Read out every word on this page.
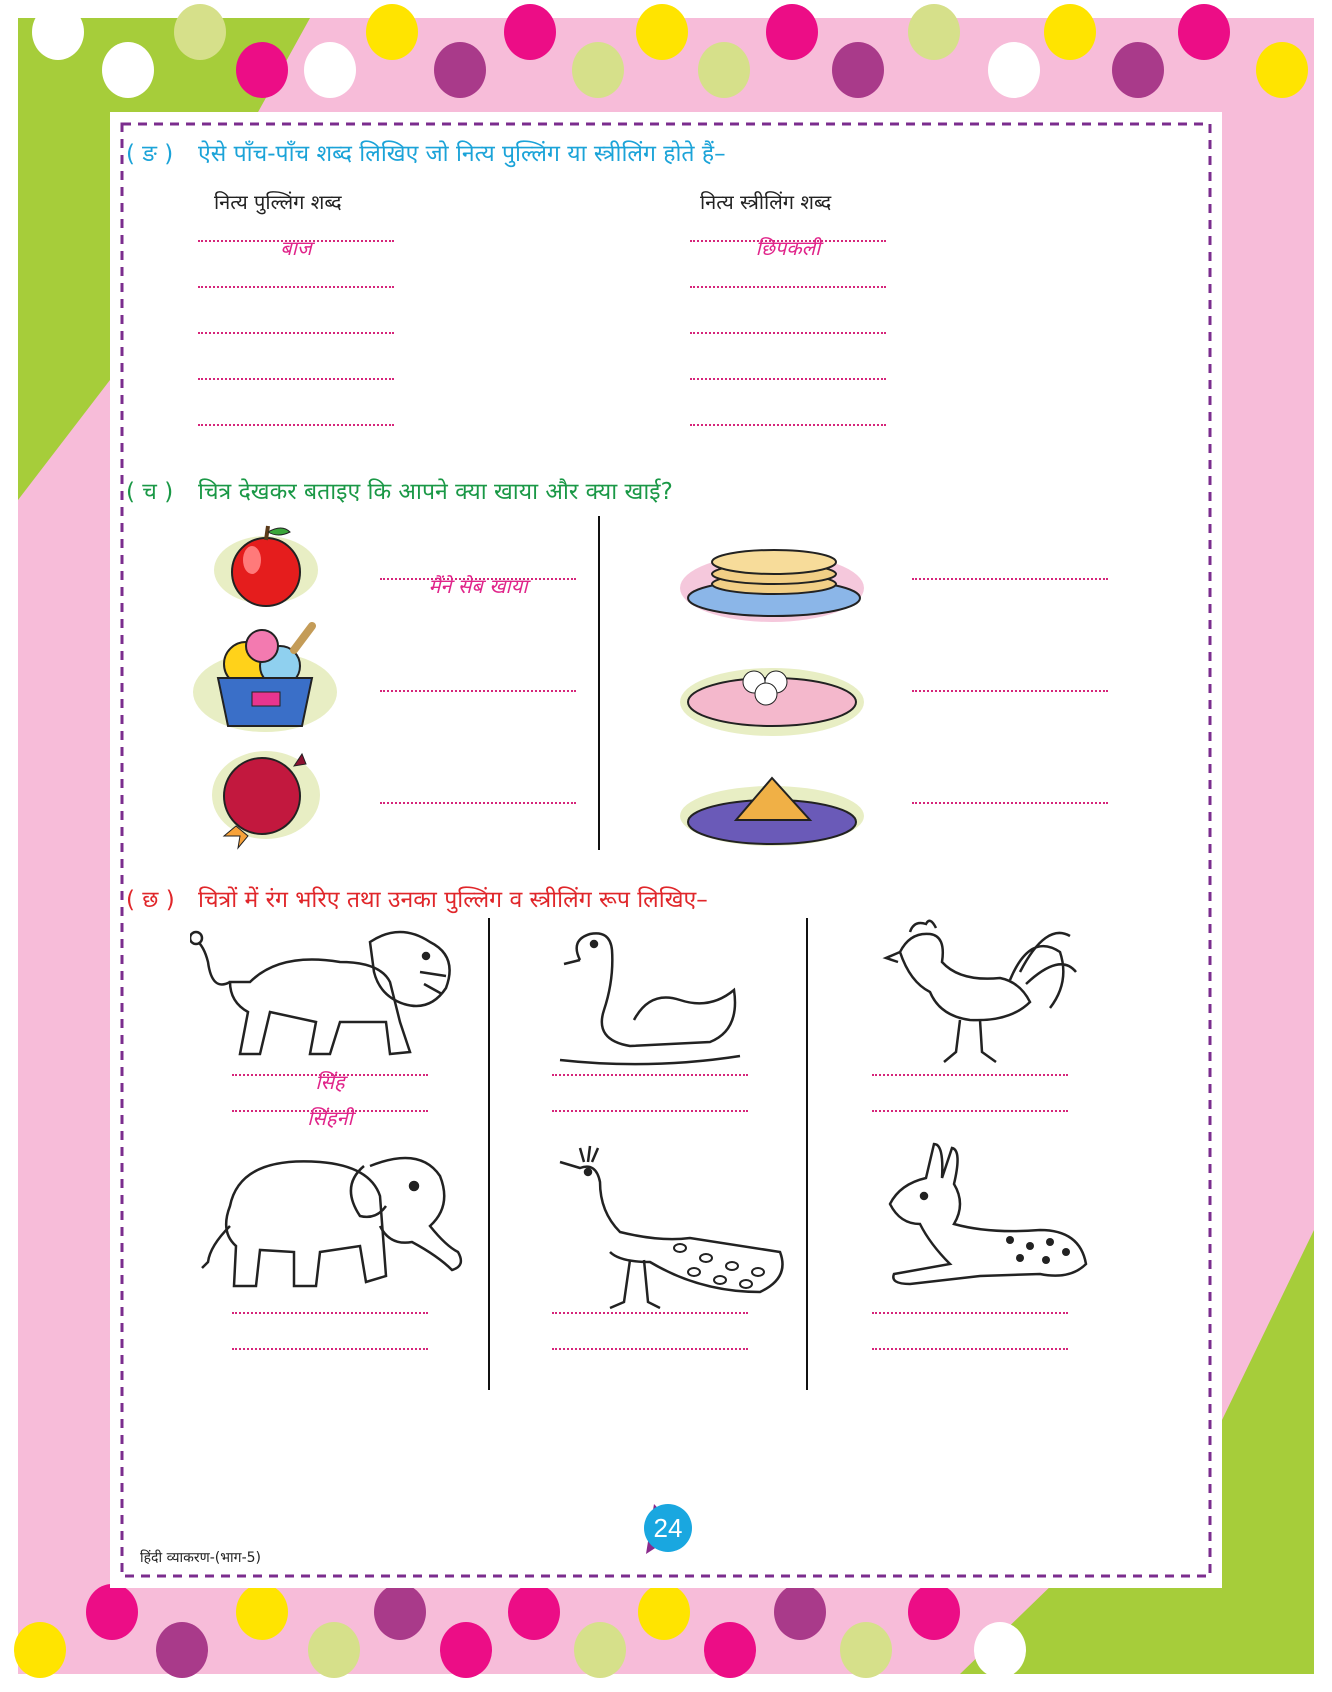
( ङ ) ऐसे पाँच-पाँच शब्द लिखिए जो नित्य पुल्लिंग या स्त्रीलिंग होते हैं–
नित्य पुल्लिंग शब्द	नित्य स्त्रीलिंग शब्द
बाज	छिपकली
( च ) चित्र देखकर बताइए कि आपने क्या खाया और क्या खाई?
मैंने सेब खाया
( छ ) चित्रों में रंग भरिए तथा उनका पुल्लिंग व स्त्रीलिंग रूप लिखिए–
सिंह
सिंहनी
हिंदी व्याकरण-(भाग-5)
24
